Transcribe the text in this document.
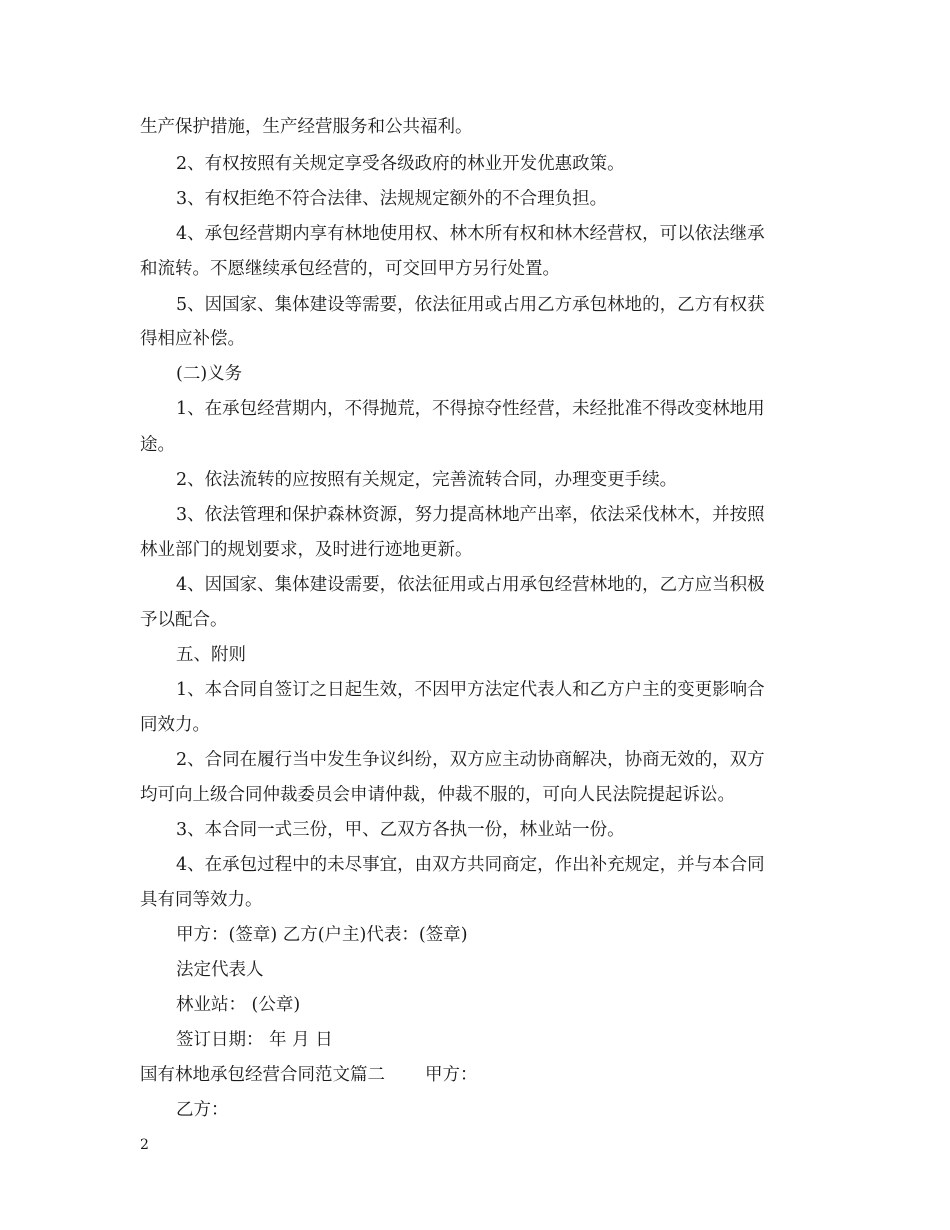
生产保护措施，生产经营服务和公共福利。
2、有权按照有关规定享受各级政府的林业开发优惠政策。
3、有权拒绝不符合法律、法规规定额外的不合理负担。
4、承包经营期内享有林地使用权、林木所有权和林木经营权，可以依法继承
和流转。不愿继续承包经营的，可交回甲方另行处置。
5、因国家、集体建设等需要，依法征用或占用乙方承包林地的，乙方有权获
得相应补偿。
(二)义务
1、在承包经营期内，不得抛荒，不得掠夺性经营，未经批准不得改变林地用
途。
2、依法流转的应按照有关规定，完善流转合同，办理变更手续。
3、依法管理和保护森林资源，努力提高林地产出率，依法采伐林木，并按照
林业部门的规划要求，及时进行迹地更新。
4、因国家、集体建设需要，依法征用或占用承包经营林地的，乙方应当积极
予以配合。
五、附则
1、本合同自签订之日起生效，不因甲方法定代表人和乙方户主的变更影响合
同效力。
2、合同在履行当中发生争议纠纷，双方应主动协商解决，协商无效的，双方
均可向上级合同仲裁委员会申请仲裁，仲裁不服的，可向人民法院提起诉讼。
3、本合同一式三份，甲、乙双方各执一份，林业站一份。
4、在承包过程中的未尽事宜，由双方共同商定，作出补充规定，并与本合同
具有同等效力。
甲方：(签章) 乙方(户主)代表：(签章)
法定代表人
林业站： (公章)
签订日期： 年 月 日
国有林地承包经营合同范文篇二 甲方：
乙方：
2
